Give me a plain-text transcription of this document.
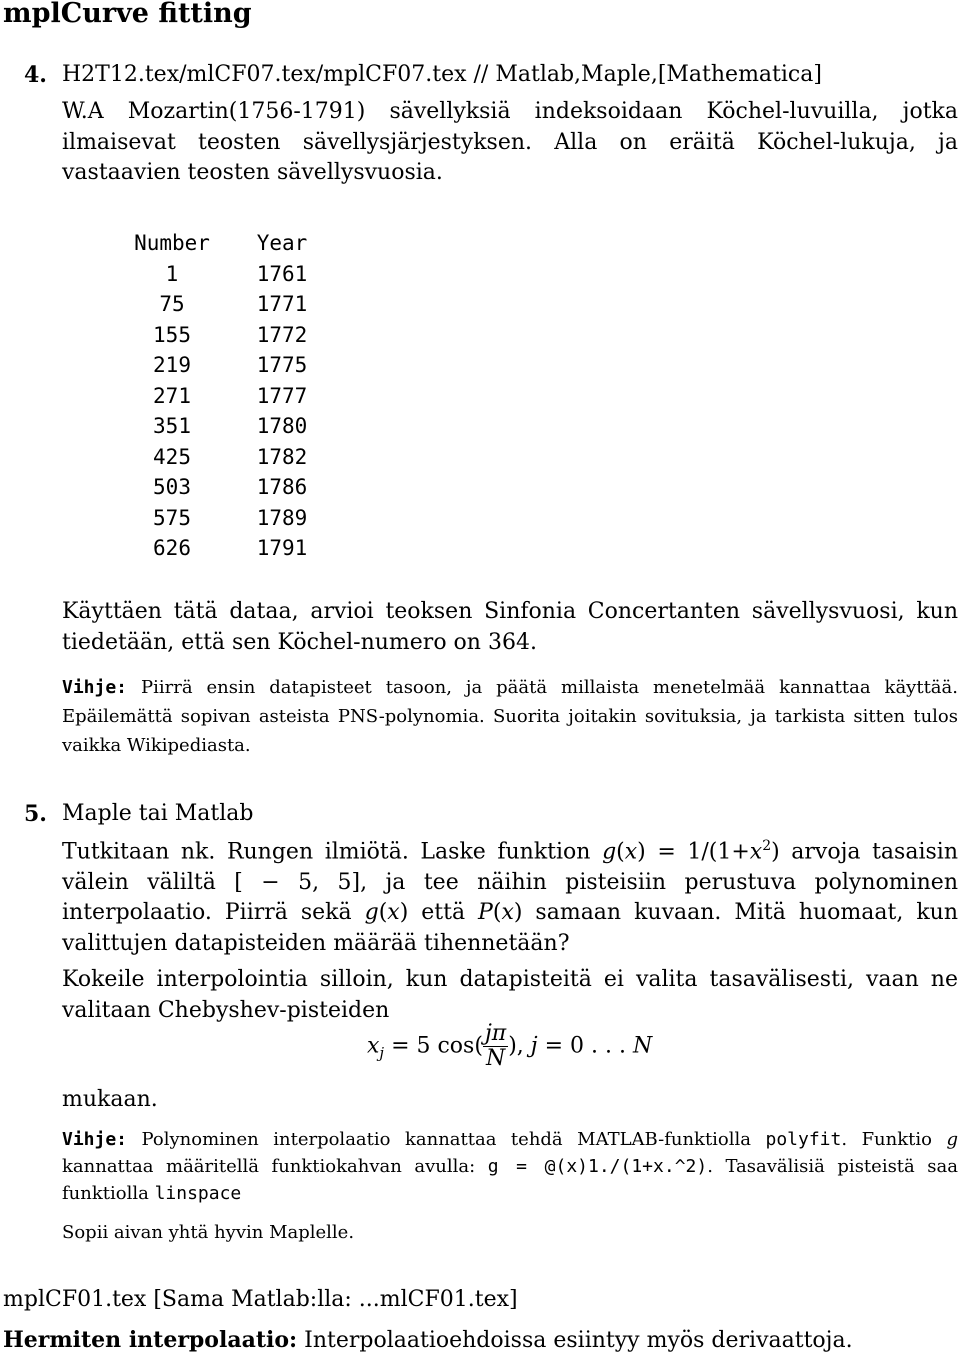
mplCurve fitting
4. H2T12.tex/mlCF07.tex/mplCF07.tex // Matlab,Maple,[Mathematica]
W.A Mozartin(1756-1791) sävellyksiä indeksoidaan Köchel-luvuilla, jotka ilmaisevat teosten sävellysjärjestyksen. Alla on eräitä Köchel-lukuja, ja vastaavien teosten sävellysvuosia.
Number	Year
1	1761
75	1771
155	1772
219	1775
271	1777
351	1780
425	1782
503	1786
575	1789
626	1791
Käyttäen tätä dataa, arvioi teoksen Sinfonia Concertanten sävellysvuosi, kun tiedetään, että sen Köchel-numero on 364.
Vihje: Piirrä ensin datapisteet tasoon, ja päätä millaista menetelmää kannattaa käyttää. Epäilemättä sopivan asteista PNS-polynomia. Suorita joitakin sovituksia, ja tarkista sitten tulos vaikka Wikipediasta.
5. Maple tai Matlab
Tutkitaan nk. Rungen ilmiötä. Laske funktion $g(x) = 1/(1+x^2)$ arvoja tasaisin välein väliltä [ − 5, 5], ja tee näihin pisteisiin perustuva polynominen interpolaatio. Piirrä sekä g(x) että P(x) samaan kuvaan. Mitä huomaat, kun valittujen datapisteiden määrää tihennetään?
Kokeile interpolointia silloin, kun datapisteitä ei valita tasavälisesti, vaan ne valitaan Chebyshev-pisteiden
$x_j = 5$ $\cos( \frac{j\pi}{N}$ ), j = 0 . . . N
mukaan.
Vihje: Polynominen interpolaatio kannattaa tehdä MATLAB-funktiolla polyfit. Funktio g kannattaa määritellä funktiokahvan avulla: g = @(x)1./(1+x.^2). Tasavälisiä pisteistä saa funktiolla linspace
Sopii aivan yhtä hyvin Maplelle.
mplCF01.tex [Sama Matlab:lla: ...mlCF01.tex]
Hermiten interpolaatio: Interpolaatioehdoissa esiintyy myös derivaattoja.
